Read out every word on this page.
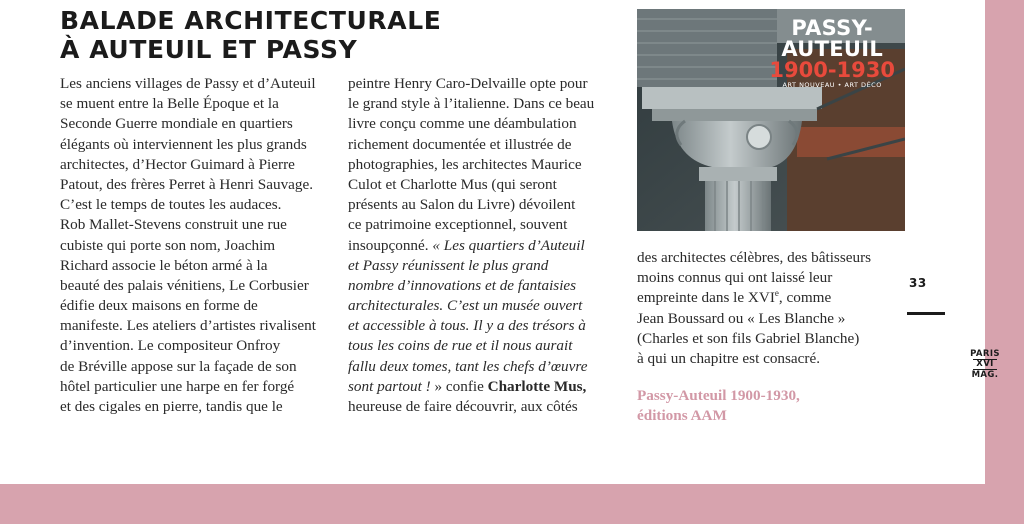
BALADE ARCHITECTURALE
À AUTEUIL ET PASSY
Les anciens villages de Passy et d’Auteuil
se muent entre la Belle Époque et la
Seconde Guerre mondiale en quartiers
élégants où interviennent les plus grands
architectes, d’Hector Guimard à Pierre
Patout, des frères Perret à Henri Sauvage.
C’est le temps de toutes les audaces.
Rob Mallet-Stevens construit une rue
cubiste qui porte son nom, Joachim
Richard associe le béton armé à la
beauté des palais vénitiens, Le Corbusier
édifie deux maisons en forme de
manifeste. Les ateliers d’artistes rivalisent
d’invention. Le compositeur Onfroy
de Bréville appose sur la façade de son
hôtel particulier une harpe en fer forgé
et des cigales en pierre, tandis que le
peintre Henry Caro-Delvaille opte pour
le grand style à l’italienne. Dans ce beau
livre conçu comme une déambulation
richement documentée et illustrée de
photographies, les architectes Maurice
Culot et Charlotte Mus (qui seront
présents au Salon du Livre) dévoilent
ce patrimoine exceptionnel, souvent
insoupçonné. « Les quartiers d’Auteuil
et Passy réunissent le plus grand
nombre d’innovations et de fantaisies
architecturales. C’est un musée ouvert
et accessible à tous. Il y a des trésors à
tous les coins de rue et il nous aurait
fallu deux tomes, tant les chefs d’œuvre
sont partout ! » confie Charlotte Mus,
heureuse de faire découvrir, aux côtés
PASSY-
AUTEUIL
1900-1930
ART NOUVEAU • ART DÉCO
des architectes célèbres, des bâtisseurs
moins connus qui ont laissé leur
empreinte dans le XVIe, comme
Jean Boussard ou « Les Blanche »
(Charles et son fils Gabriel Blanche)
à qui un chapitre est consacré.
Passy-Auteuil 1900-1930,
éditions AAM
33
PARIS
XVI
MAG.
